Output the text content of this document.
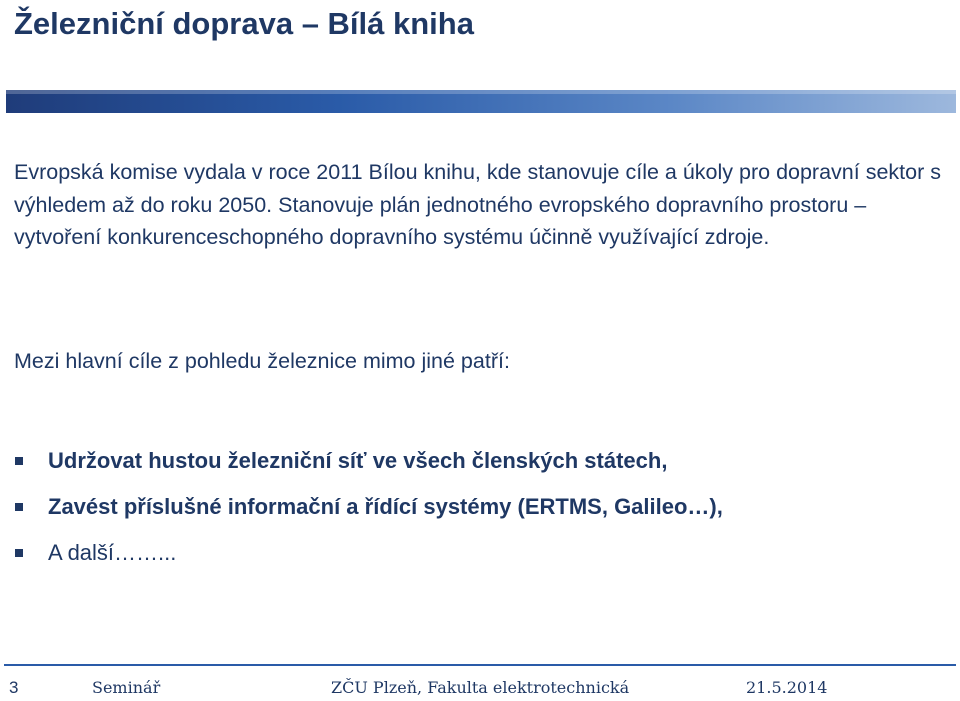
Železniční doprava – Bílá kniha
Evropská komise vydala v roce 2011 Bílou knihu, kde stanovuje cíle a úkoly pro dopravní sektor s výhledem až do roku 2050. Stanovuje plán jednotného evropského dopravního prostoru – vytvoření konkurenceschopného dopravního systému účinně využívající zdroje.
Mezi hlavní cíle z pohledu železnice mimo jiné patří:
Udržovat hustou železniční síť ve všech členských státech,
Zavést příslušné informační a řídící systémy (ERTMS, Galileo…),
A další……...
3	Seminář	ZČU Plzeň, Fakulta elektrotechnická	21.5.2014
